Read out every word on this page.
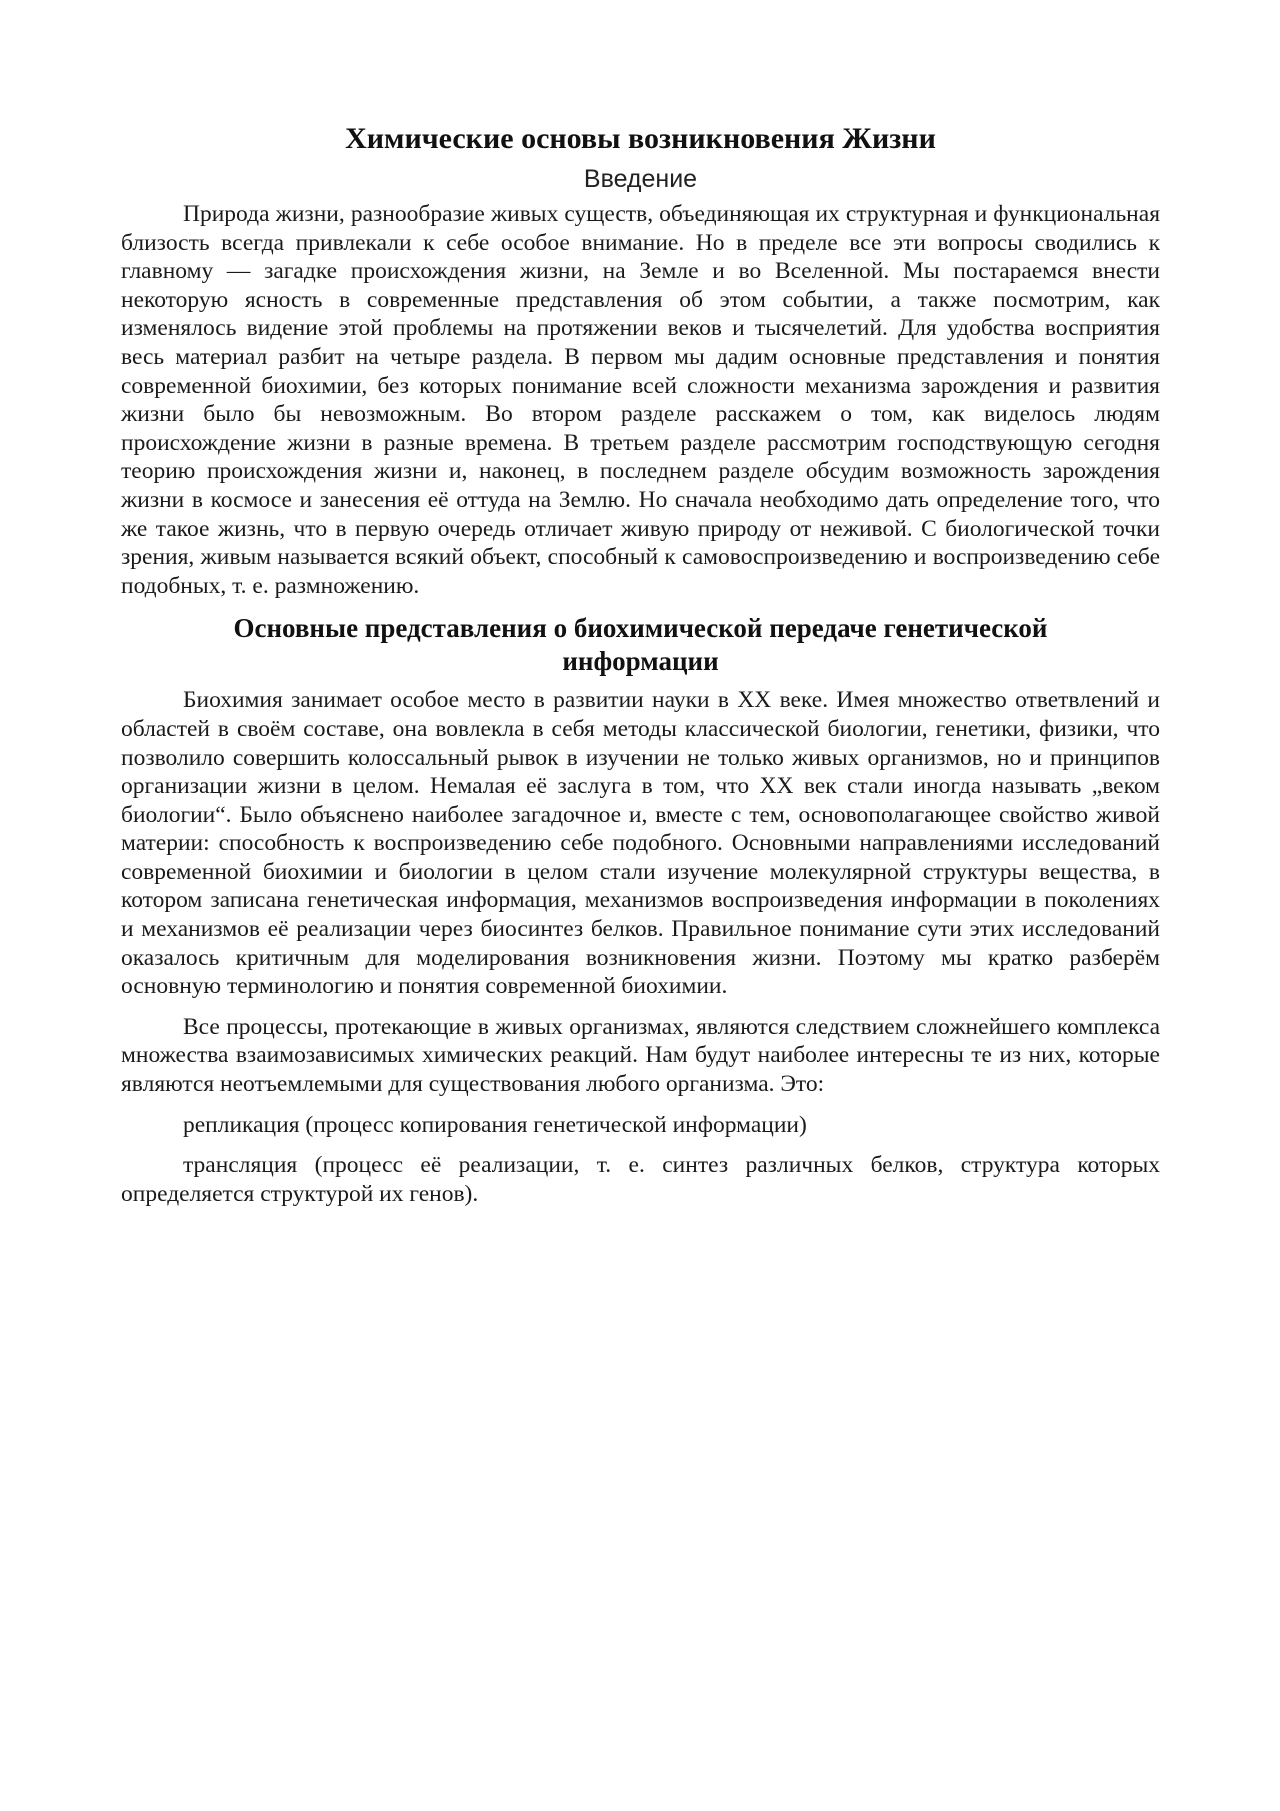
Химические основы возникновения Жизни
Введение

Природа жизни, разнообразие живых существ, объединяющая их структурная и функциональная близость всегда привлекали к себе особое внимание. Но в пределе все эти вопросы сводились к главному — загадке происхождения жизни, на Земле и во Вселенной. Мы постараемся внести некоторую ясность в современные представления об этом событии, а также посмотрим, как изменялось видение этой проблемы на протяжении веков и тысячелетий. Для удобства восприятия весь материал разбит на четыре раздела. В первом мы дадим основные представления и понятия современной биохимии, без которых понимание всей сложности механизма зарождения и развития жизни было бы невозможным. Во втором разделе расскажем о том, как виделось людям происхождение жизни в разные времена. В третьем разделе рассмотрим господствующую сегодня теорию происхождения жизни и, наконец, в последнем разделе обсудим возможность зарождения жизни в космосе и занесения её оттуда на Землю. Но сначала необходимо дать определение того, что же такое жизнь, что в первую очередь отличает живую природу от неживой. С биологической точки зрения, живым называется всякий объект, способный к самовоспроизведению и воспроизведению себе подобных, т. е. размножению.

Основные представления о биохимической передаче генетической информации

Биохимия занимает особое место в развитии науки в XX веке. Имея множество ответвлений и областей в своём составе, она вовлекла в себя методы классической биологии, генетики, физики, что позволило совершить колоссальный рывок в изучении не только живых организмов, но и принципов организации жизни в целом. Немалая её заслуга в том, что XX век стали иногда называть „веком биологии“. Было объяснено наиболее загадочное и, вместе с тем, основополагающее свойство живой материи: способность к воспроизведению себе подобного. Основными направлениями исследований современной биохимии и биологии в целом стали изучение молекулярной структуры вещества, в котором записана генетическая информация, механизмов воспроизведения информации в поколениях и механизмов её реализации через биосинтез белков. Правильное понимание сути этих исследований оказалось критичным для моделирования возникновения жизни. Поэтому мы кратко разберём основную терминологию и понятия современной биохимии.

Все процессы, протекающие в живых организмах, являются следствием сложнейшего комплекса множества взаимозависимых химических реакций. Нам будут наиболее интересны те из них, которые являются неотъемлемыми для существования любого организма. Это:

репликация (процесс копирования генетической информации)

трансляция (процесс её реализации, т. е. синтез различных белков, структура которых определяется структурой их генов).
